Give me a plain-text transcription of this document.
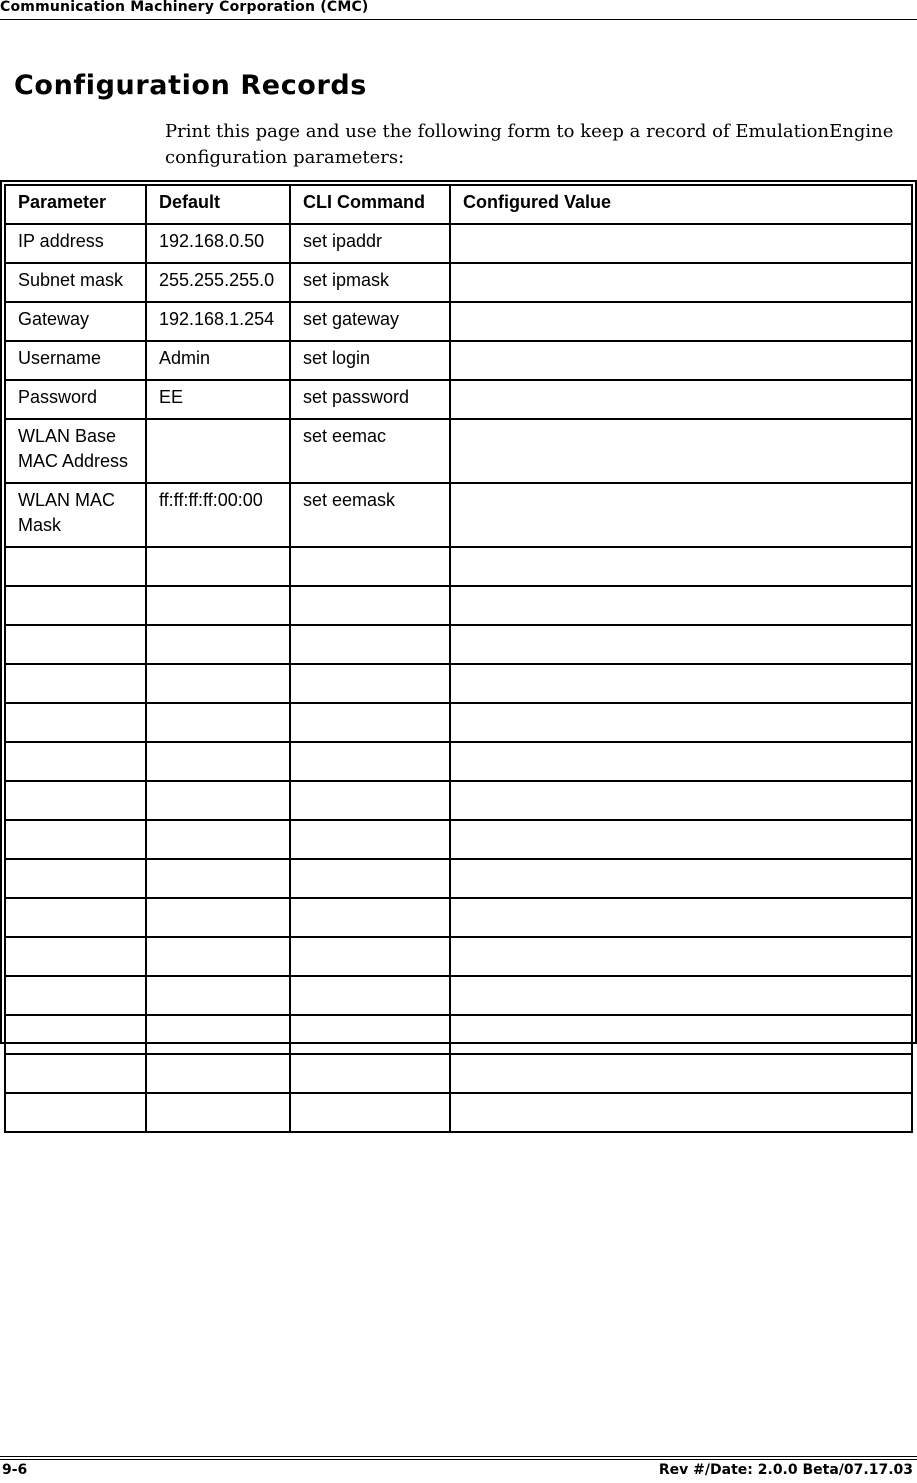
Communication Machinery Corporation (CMC)
Configuration Records

Print this page and use the following form to keep a record of EmulationEngine configuration parameters:

Parameter	Default	CLI Command	Configured Value
IP address	192.168.0.50	set ipaddr	
Subnet mask	255.255.255.0	set ipmask	
Gateway	192.168.1.254	set gateway	
Username	Admin	set login	
Password	EE	set password	
WLAN Base MAC Address		set eemac	
WLAN MAC Mask	ff:ff:ff:ff:00:00	set eemask	

9-6	Rev #/Date: 2.0.0 Beta/07.17.03
